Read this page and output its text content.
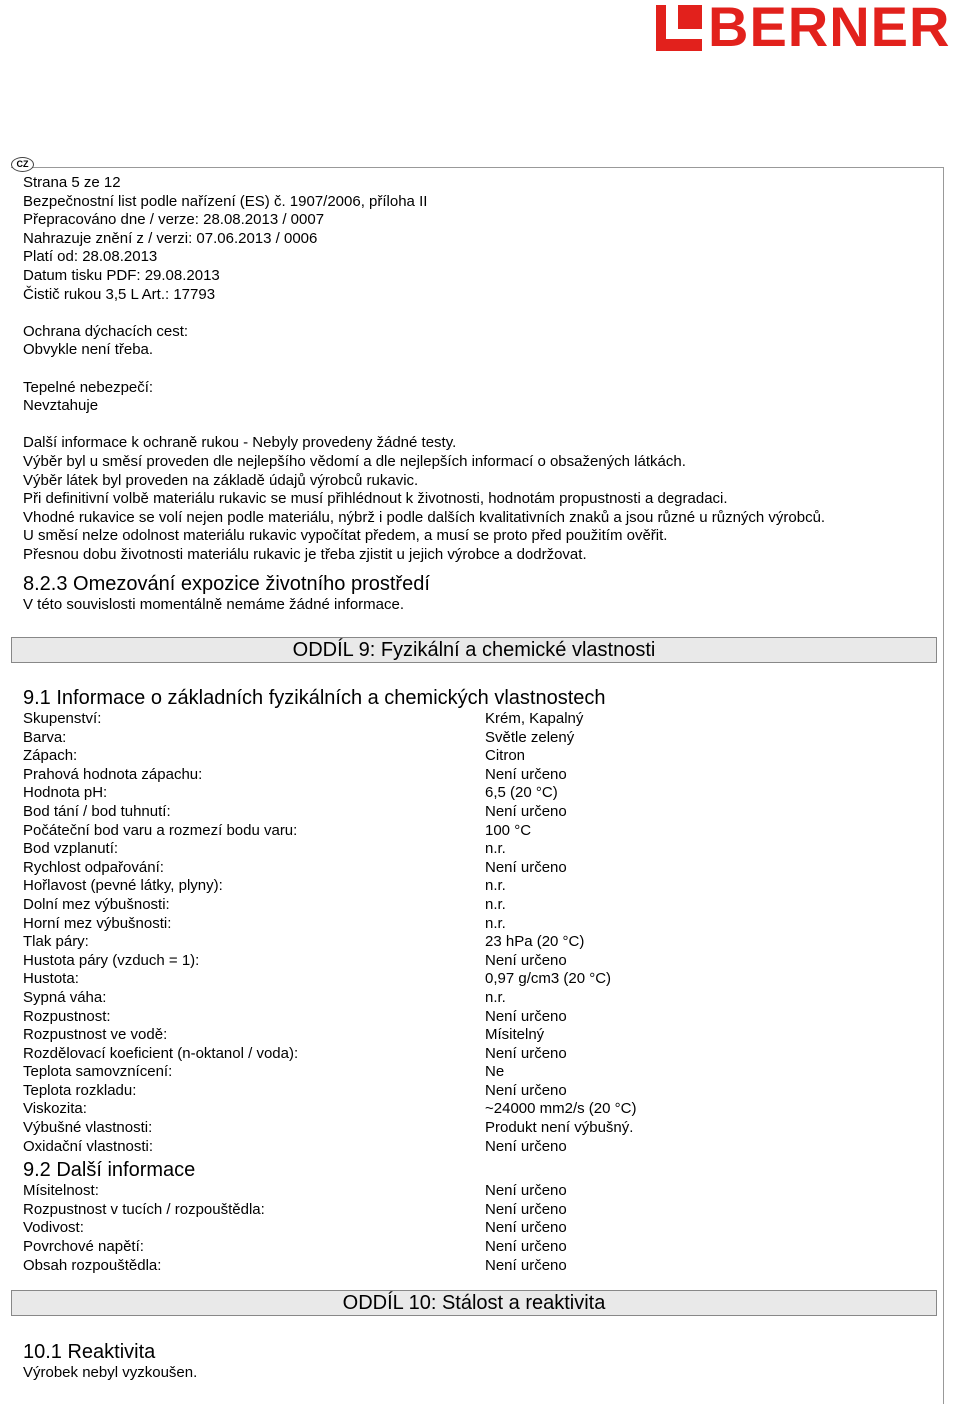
BERNER
CZ
Strana 5 ze 12
Bezpečnostní list podle nařízení (ES) č. 1907/2006, příloha II
Přepracováno dne / verze: 28.08.2013 / 0007
Nahrazuje znění z / verzi: 07.06.2013 / 0006
Platí od: 28.08.2013
Datum tisku PDF: 29.08.2013
Čistič rukou 3,5 L Art.: 17793
Ochrana dýchacích cest:
Obvykle není třeba.
Tepelné nebezpečí:
Nevztahuje
Další informace k ochraně rukou - Nebyly provedeny žádné testy.
Výběr byl u směsí proveden dle nejlepšího vědomí a dle nejlepších informací o obsažených látkách.
Výběr látek byl proveden na základě údajů výrobců rukavic.
Při definitivní volbě materiálu rukavic se musí přihlédnout k životnosti, hodnotám propustnosti a degradaci.
Vhodné rukavice se volí nejen podle materiálu, nýbrž i podle dalších kvalitativních znaků a jsou různé u různých výrobců.
U směsí nelze odolnost materiálu rukavic vypočítat předem, a musí se proto před použitím ověřit.
Přesnou dobu životnosti materiálu rukavic je třeba zjistit u jejich výrobce a dodržovat.
8.2.3 Omezování expozice životního prostředí
V této souvislosti momentálně nemáme žádné informace.
ODDÍL 9: Fyzikální a chemické vlastnosti
9.1 Informace o základních fyzikálních a chemických vlastnostech
Skupenství:	Krém, Kapalný
Barva:	Světle zelený
Zápach:	Citron
Prahová hodnota zápachu:	Není určeno
Hodnota pH:	6,5 (20 °C)
Bod tání / bod tuhnutí:	Není určeno
Počáteční bod varu a rozmezí bodu varu:	100 °C
Bod vzplanutí:	n.r.
Rychlost odpařování:	Není určeno
Hořlavost (pevné látky, plyny):	n.r.
Dolní mez výbušnosti:	n.r.
Horní mez výbušnosti:	n.r.
Tlak páry:	23 hPa (20 °C)
Hustota páry (vzduch = 1):	Není určeno
Hustota:	0,97 g/cm3 (20 °C)
Sypná váha:	n.r.
Rozpustnost:	Není určeno
Rozpustnost ve vodě:	Mísitelný
Rozdělovací koeficient (n-oktanol / voda):	Není určeno
Teplota samovznícení:	Ne
Teplota rozkladu:	Není určeno
Viskozita:	~24000 mm2/s (20 °C)
Výbušné vlastnosti:	Produkt není výbušný.
Oxidační vlastnosti:	Není určeno
9.2 Další informace
Mísitelnost:	Není určeno
Rozpustnost v tucích / rozpouštědla:	Není určeno
Vodivost:	Není určeno
Povrchové napětí:	Není určeno
Obsah rozpouštědla:	Není určeno
ODDÍL 10: Stálost a reaktivita
10.1 Reaktivita
Výrobek nebyl vyzkoušen.
